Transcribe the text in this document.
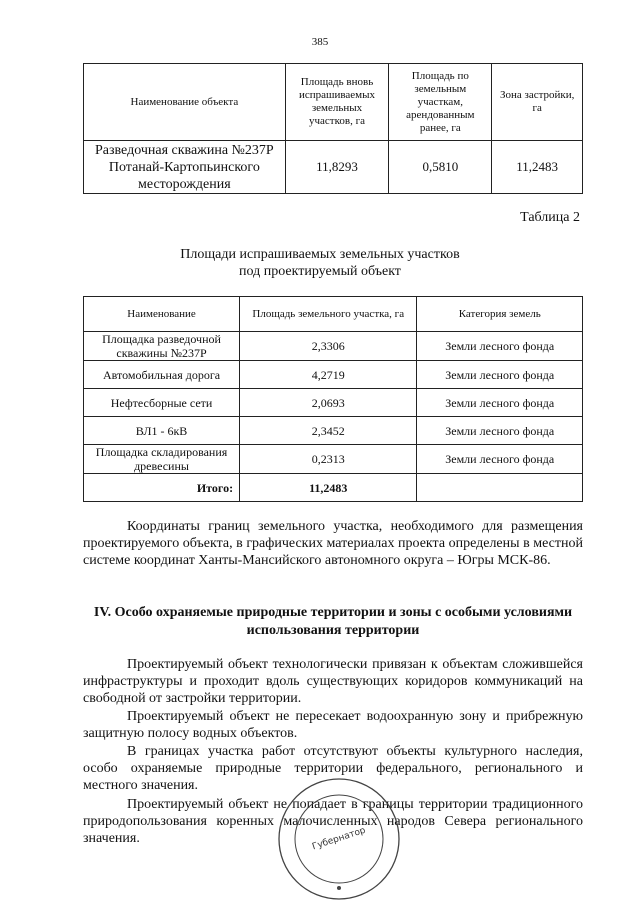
385
Наименование объекта	Площадь вновь испрашиваемых земельных участков, га	Площадь по земельным участкам, арендованным ранее, га	Зона застройки, га
Разведочная скважина №237Р Потанай-Картопьинского месторождения	11,8293	0,5810	11,2483
Таблица 2
Площади испрашиваемых земельных участков
под проектируемый объект
Наименование	Площадь земельного участка, га	Категория земель
Площадка разведочной скважины №237Р	2,3306	Земли лесного фонда
Автомобильная дорога	4,2719	Земли лесного фонда
Нефтесборные сети	2,0693	Земли лесного фонда
ВЛ1 - 6кВ	2,3452	Земли лесного фонда
Площадка складирования древесины	0,2313	Земли лесного фонда
Итого:	11,2483	
Координаты границ земельного участка, необходимого для размещения проектируемого объекта, в графических материалах проекта определены в местной системе координат Ханты-Мансийского автономного округа – Югры МСК-86.
IV. Особо охраняемые природные территории и зоны с особыми условиями использования территории
Проектируемый объект технологически привязан к объектам сложившейся инфраструктуры и проходит вдоль существующих коридоров коммуникаций на свободной от застройки территории.
Проектируемый объект не пересекает водоохранную зону и прибрежную защитную полосу водных объектов.
В границах участка работ отсутствуют объекты культурного наследия, особо охраняемые природные территории федерального, регионального и местного значения.
Проектируемый объект не попадает в границы территории традиционного природопользования коренных малочисленных народов Севера регионального значения.	Губернатор
